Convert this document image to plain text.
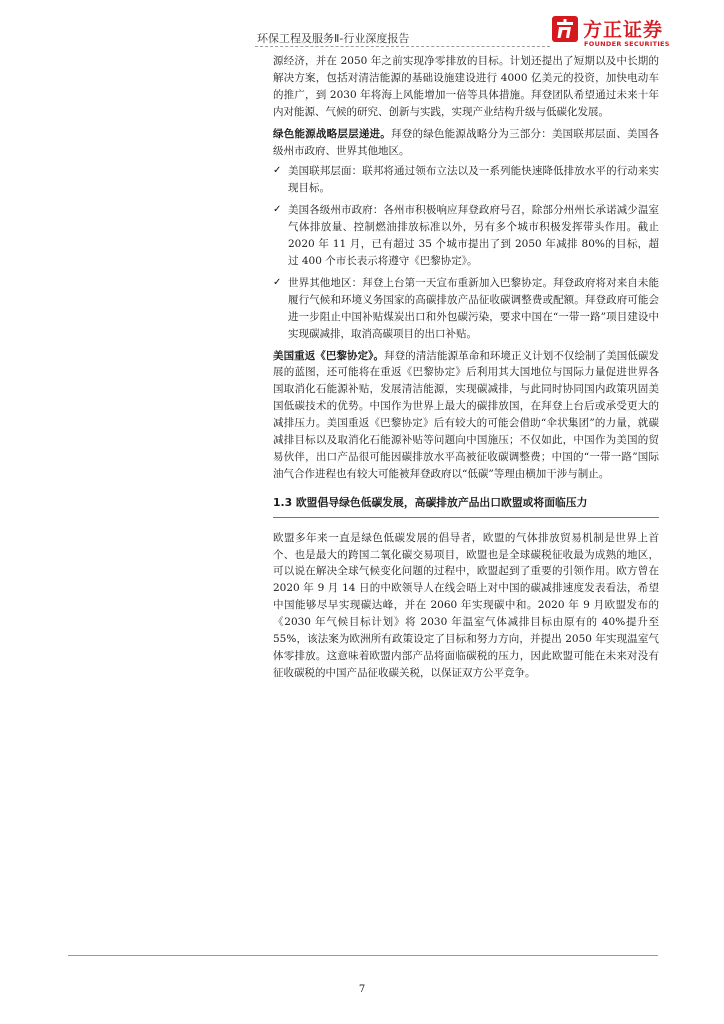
环保工程及服务Ⅱ-行业深度报告	方正证券
FOUNDER SECURITIES

源经济，并在 2050 年之前实现净零排放的目标。计划还提出了短期以及中长期的解决方案，包括对清洁能源的基础设施建设进行 4000 亿美元的投资，加快电动车的推广，到 2030 年将海上风能增加一倍等具体措施。拜登团队希望通过未来十年内对能源、气候的研究、创新与实践，实现产业结构升级与低碳化发展。

绿色能源战略层层递进。拜登的绿色能源战略分为三部分：美国联邦层面、美国各级州市政府、世界其他地区。

✓ 美国联邦层面：联邦将通过领布立法以及一系列能快速降低排放水平的行动来实现目标。
✓ 美国各级州市政府：各州市积极响应拜登政府号召，除部分州州长承诺减少温室气体排放量、控制燃油排放标准以外，另有多个城市积极发挥带头作用。截止 2020 年 11 月，已有超过 35 个城市提出了到 2050 年减排 80%的目标，超过 400 个市长表示将遵守《巴黎协定》。
✓ 世界其他地区：拜登上台第一天宣布重新加入巴黎协定。拜登政府将对来自未能履行气候和环境义务国家的高碳排放产品征收碳调整费或配额。拜登政府可能会进一步阻止中国补贴煤炭出口和外包碳污染，要求中国在“一带一路”项目建设中实现碳减排，取消高碳项目的出口补贴。

美国重返《巴黎协定》。拜登的清洁能源革命和环境正义计划不仅绘制了美国低碳发展的蓝图，还可能将在重返《巴黎协定》后利用其大国地位与国际力量促进世界各国取消化石能源补贴，发展清洁能源，实现碳减排，与此同时协同国内政策巩固美国低碳技术的优势。中国作为世界上最大的碳排放国，在拜登上台后或承受更大的减排压力。美国重返《巴黎协定》后有较大的可能会借助“伞状集团”的力量，就碳减排目标以及取消化石能源补贴等问题向中国施压；不仅如此，中国作为美国的贸易伙伴，出口产品很可能因碳排放水平高被征收碳调整费；中国的“一带一路”国际油气合作进程也有较大可能被拜登政府以“低碳”等理由横加干涉与制止。

1.3 欧盟倡导绿色低碳发展，高碳排放产品出口欧盟或将面临压力

欧盟多年来一直是绿色低碳发展的倡导者，欧盟的气体排放贸易机制是世界上首个、也是最大的跨国二氧化碳交易项目，欧盟也是全球碳税征收最为成熟的地区，可以说在解决全球气候变化问题的过程中，欧盟起到了重要的引领作用。欧方曾在 2020 年 9 月 14 日的中欧领导人在线会晤上对中国的碳减排速度发表看法，希望中国能够尽早实现碳达峰，并在 2060 年实现碳中和。2020 年 9 月欧盟发布的《2030 年气候目标计划》将 2030 年温室气体减排目标由原有的 40%提升至 55%，该法案为欧洲所有政策设定了目标和努力方向，并提出 2050 年实现温室气体零排放。这意味着欧盟内部产品将面临碳税的压力，因此欧盟可能在未来对没有征收碳税的中国产品征收碳关税，以保证双方公平竞争。

7
